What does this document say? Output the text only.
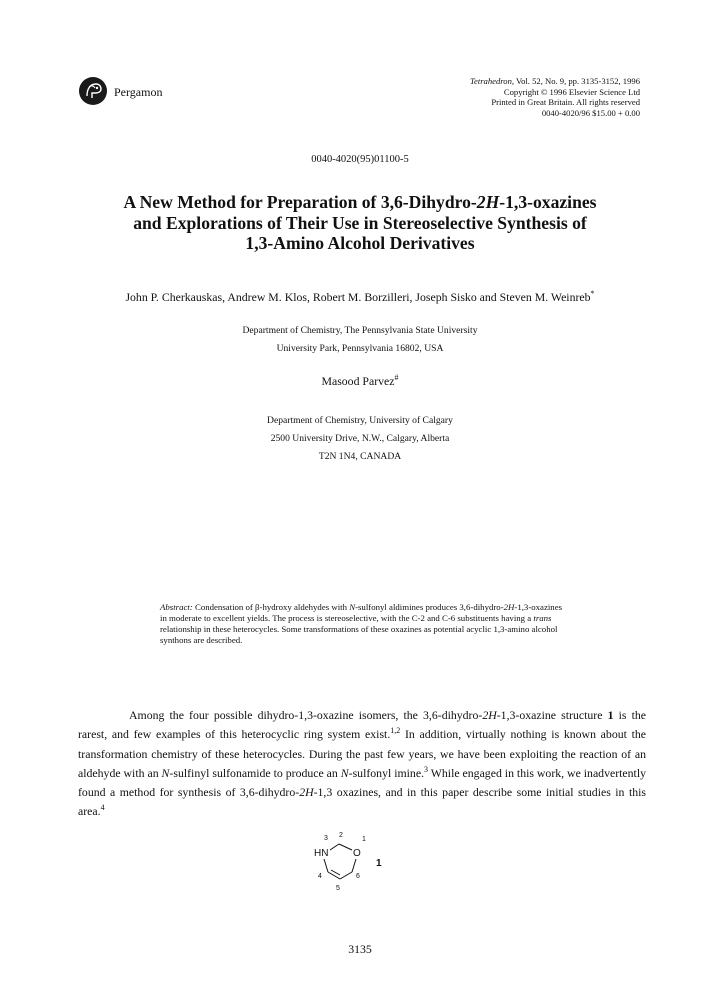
Pergamon
Tetrahedron, Vol. 52, No. 9, pp. 3135-3152, 1996
Copyright © 1996 Elsevier Science Ltd
Printed in Great Britain. All rights reserved
0040-4020/96 $15.00 + 0.00
0040-4020(95)01100-5
A New Method for Preparation of 3,6-Dihydro-2H-1,3-oxazines
and Explorations of Their Use in Stereoselective Synthesis of
1,3-Amino Alcohol Derivatives
John P. Cherkauskas, Andrew M. Klos, Robert M. Borzilleri, Joseph Sisko and Steven M. Weinreb*
Department of Chemistry, The Pennsylvania State University
University Park, Pennsylvania 16802, USA
Masood Parvez#
Department of Chemistry, University of Calgary
2500 University Drive, N.W., Calgary, Alberta
T2N 1N4, CANADA
Abstract: Condensation of β-hydroxy aldehydes with N-sulfonyl aldimines produces 3,6-dihydro-2H-1,3-oxazines in moderate to excellent yields. The process is stereoselective, with the C-2 and C-6 substituents having a trans relationship in these heterocycles. Some transformations of these oxazines as potential acyclic 1,3-amino alcohol synthons are described.

Among the four possible dihydro-1,3-oxazine isomers, the 3,6-dihydro-2H-1,3-oxazine structure 1 is the rarest, and few examples of this heterocyclic ring system exist.$^{1,2}$ In addition, virtually nothing is known about the transformation chemistry of these heterocycles. During the past few years, we have been exploiting the reaction of an aldehyde with an N-sulfinyl sulfonamide to produce an N-sulfonyl imine.$^3$ While engaged in this work, we inadvertently found a method for synthesis of 3,6-dihydro-2H-1,3 oxazines, and in this paper describe some initial studies in this area.$^4$

3 2
1
HN O
4	6
5
1
3135
